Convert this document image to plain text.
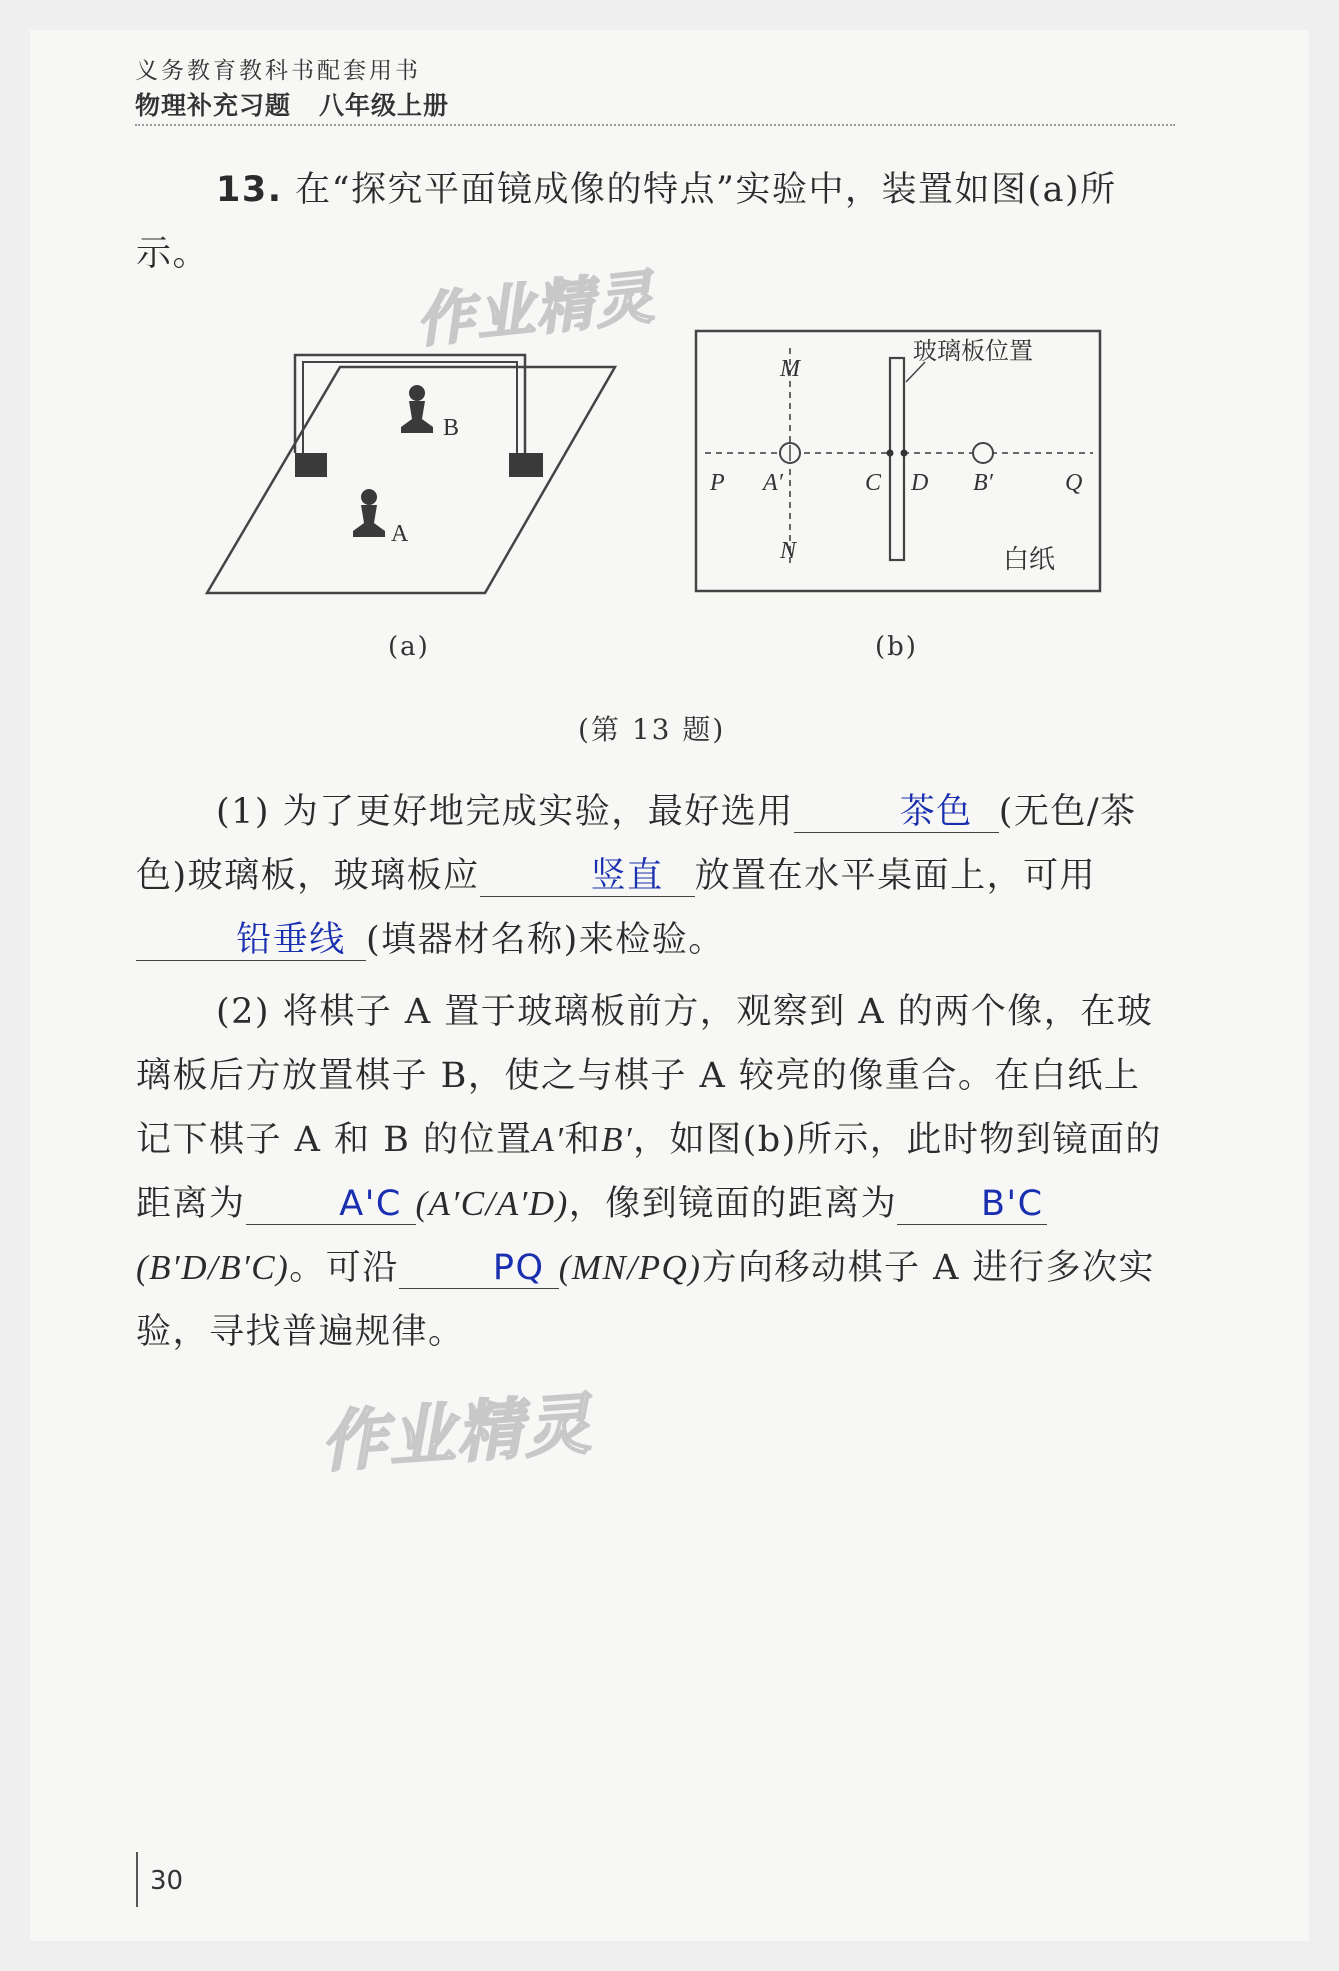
义务教育教科书配套用书
物理补充习题 八年级上册
13. 在“探究平面镜成像的特点”实验中，装置如图(a)所示。
作业精灵
B
A
玻璃板位置
M
N
P	Q
A′	C D B′
白纸
(a)	(b)
(第 13 题)
(1) 为了更好地完成实验，最好选用	茶色 (无色/茶色)玻璃板，玻璃板应	竖直 放置在水平桌面上，可用铅垂线 (填器材名称)来检验。
(2) 将棋子 A 置于玻璃板前方，观察到 A 的两个像，在玻璃板后方放置棋子 B，使之与棋子 A 较亮的像重合。在白纸上记下棋子 A 和 B 的位置A′和B′，如图(b)所示，此时物到镜面的距离为	A'C (A′C/A′D)，像到镜面的距离为 B'C(B′D/B′C)。可沿	PQ (MN/PQ)方向移动棋子 A 进行多次实验，寻找普遍规律。
作业精灵
30
